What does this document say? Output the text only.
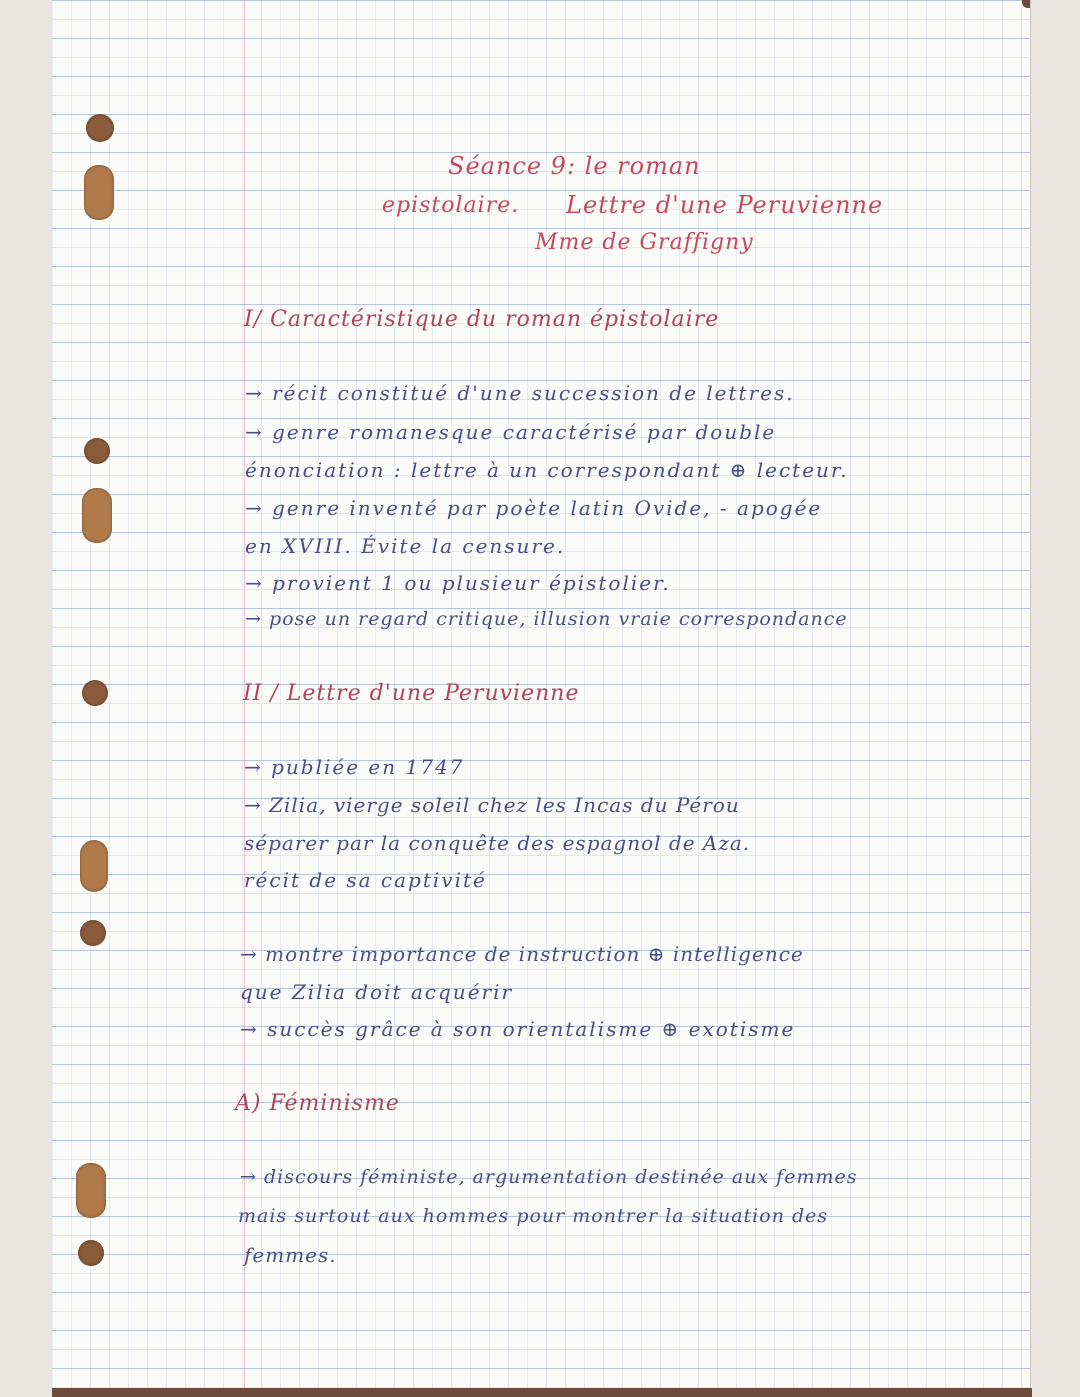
Séance 9: le roman
epistolaire. Lettre d'une Peruvienne
Mme de Graffigny
I/ Caractéristique du roman épistolaire
→ récit constitué d'une succession de lettres.
→ genre romanesque caractérisé par double
énonciation : lettre à un correspondant ⊕ lecteur.
→ genre inventé par poète latin Ovide, - apogée
en XVIII. Évite la censure.
→ provient 1 ou plusieur épistolier.
→ pose un regard critique, illusion vraie correspondance
II / Lettre d'une Peruvienne
→ publiée en 1747
→ Zilia, vierge soleil chez les Incas du Pérou
séparer par la conquête des espagnol de Aza.
récit de sa captivité
→ montre importance de instruction ⊕ intelligence
que Zilia doit acquérir
→ succès grâce à son orientalisme ⊕ exotisme
A) Féminisme
→ discours féministe, argumentation destinée aux femmes
mais surtout aux hommes pour montrer la situation des
femmes.
